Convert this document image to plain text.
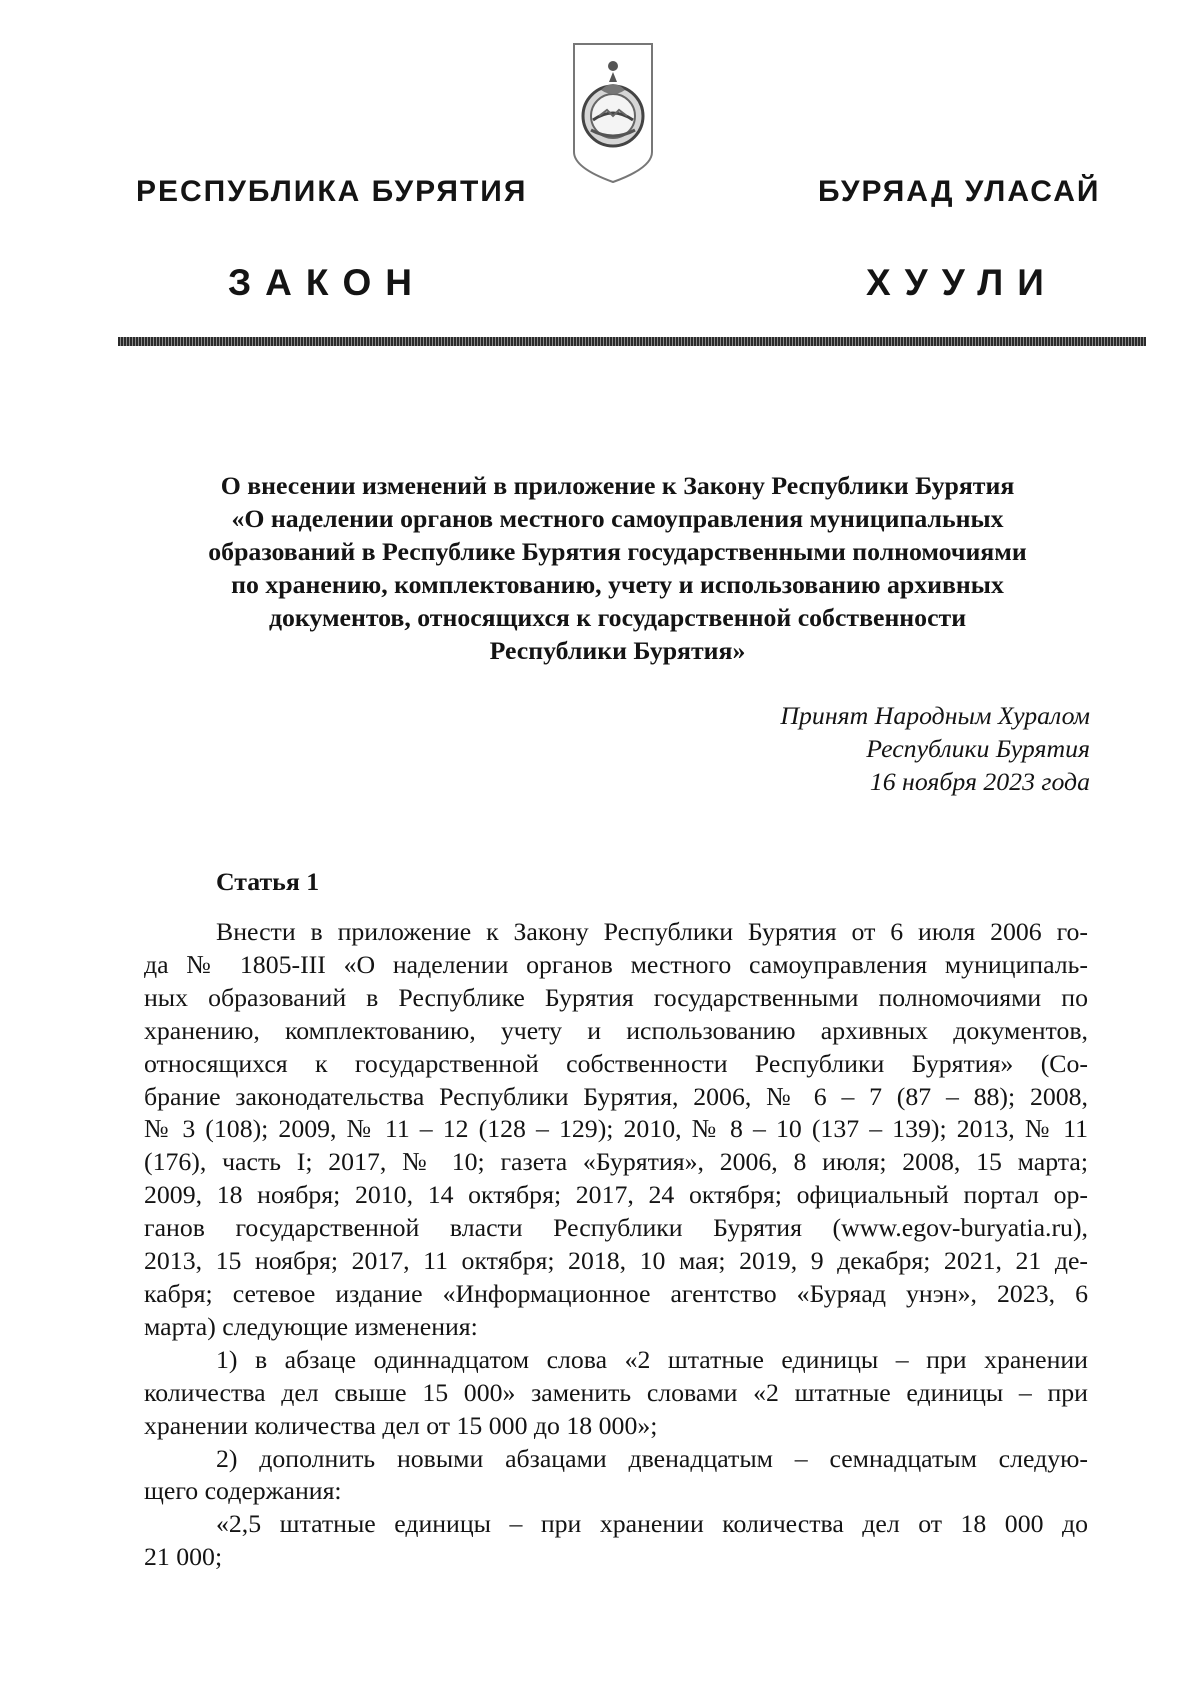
РЕСПУБЛИКА БУРЯТИЯ	БУРЯАД УЛАСАЙ
ЗАКОН	ХУУЛИ
О внесении изменений в приложение к Закону Республики Бурятия
«О наделении органов местного самоуправления муниципальных
образований в Республике Бурятия государственными полномочиями
по хранению, комплектованию, учету и использованию архивных
документов, относящихся к государственной собственности
Республики Бурятия»

Принят Народным Хуралом
Республики Бурятия
16 ноября 2023 года

Статья 1
Внести в приложение к Закону Республики Бурятия от 6 июля 2006 го-
да № 1805-III «О наделении органов местного самоуправления муниципаль-
ных образований в Республике Бурятия государственными полномочиями по
хранению, комплектованию, учету и использованию архивных документов,
относящихся к государственной собственности Республики Бурятия» (Со-
брание законодательства Республики Бурятия, 2006, № 6 – 7 (87 – 88); 2008,
№ 3 (108); 2009, № 11 – 12 (128 – 129); 2010, № 8 – 10 (137 – 139); 2013, № 11
(176), часть I; 2017, № 10; газета «Бурятия», 2006, 8 июля; 2008, 15 марта;
2009, 18 ноября; 2010, 14 октября; 2017, 24 октября; официальный портал ор-
ганов государственной власти Республики Бурятия (www.egov-buryatia.ru),
2013, 15 ноября; 2017, 11 октября; 2018, 10 мая; 2019, 9 декабря; 2021, 21 де-
кабря; сетевое издание «Информационное агентство «Буряад унэн», 2023, 6
марта) следующие изменения:
1) в абзаце одиннадцатом слова «2 штатные единицы – при хранении
количества дел свыше 15 000» заменить словами «2 штатные единицы – при
хранении количества дел от 15 000 до 18 000»;
2) дополнить новыми абзацами двенадцатым – семнадцатым следую-
щего содержания:
«2,5 штатные единицы – при хранении количества дел от 18 000 до
21 000;
